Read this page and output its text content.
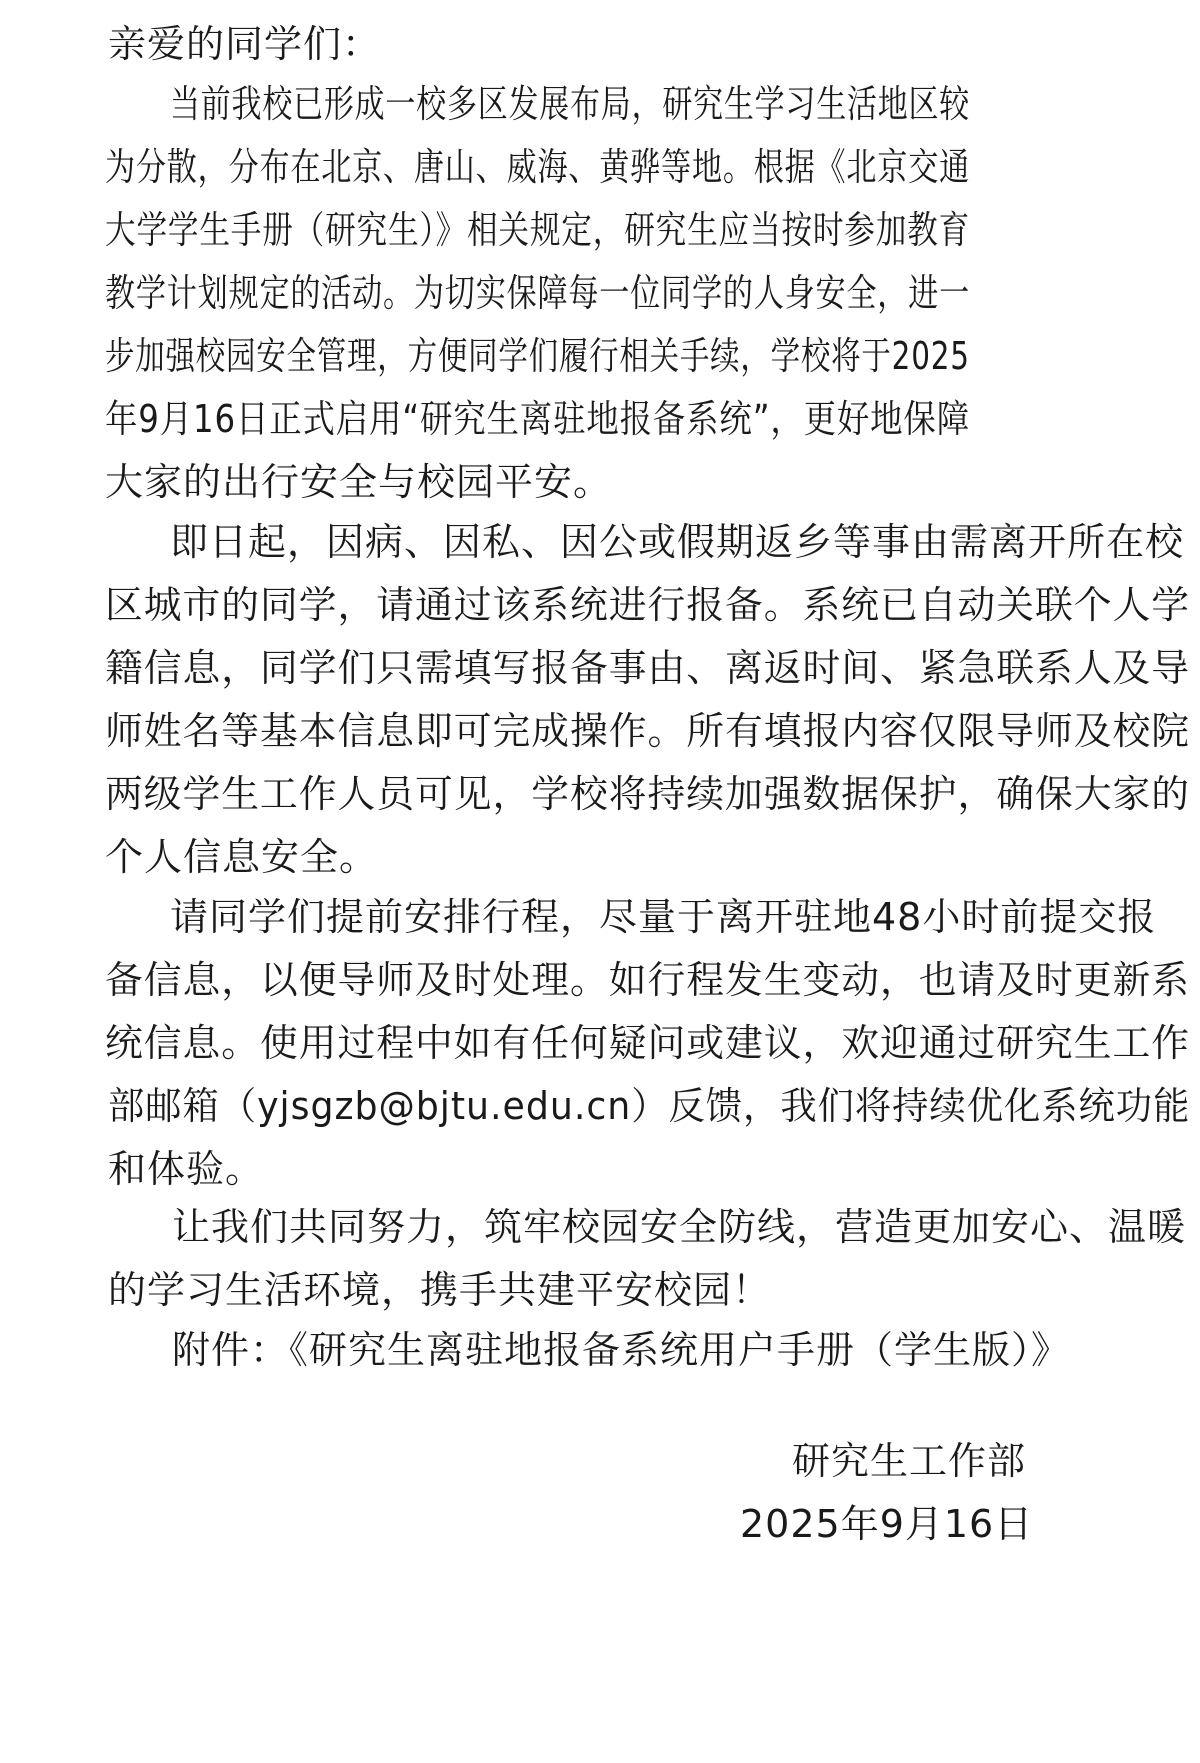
亲爱的同学们：
当前我校已形成一校多区发展布局，研究生学习生活地区较
为分散，分布在北京、唐山、威海、黄骅等地。根据《北京交通
大学学生手册（研究生）》相关规定，研究生应当按时参加教育
教学计划规定的活动。为切实保障每一位同学的人身安全，进一
步加强校园安全管理，方便同学们履行相关手续，学校将于2025
年9月16日正式启用“研究生离驻地报备系统”，更好地保障
大家的出行安全与校园平安。
即日起，因病、因私、因公或假期返乡等事由需离开所在校
区城市的同学，请通过该系统进行报备。系统已自动关联个人学
籍信息，同学们只需填写报备事由、离返时间、紧急联系人及导
师姓名等基本信息即可完成操作。所有填报内容仅限导师及校院
两级学生工作人员可见，学校将持续加强数据保护，确保大家的
个人信息安全。
请同学们提前安排行程，尽量于离开驻地48小时前提交报
备信息，以便导师及时处理。如行程发生变动，也请及时更新系
统信息。使用过程中如有任何疑问或建议，欢迎通过研究生工作
部邮箱（yjsgzb@bjtu.edu.cn）反馈，我们将持续优化系统功能
和体验。
让我们共同努力，筑牢校园安全防线，营造更加安心、温暖
的学习生活环境，携手共建平安校园！
附件：《研究生离驻地报备系统用户手册（学生版）》
研究生工作部
2025年9月16日
